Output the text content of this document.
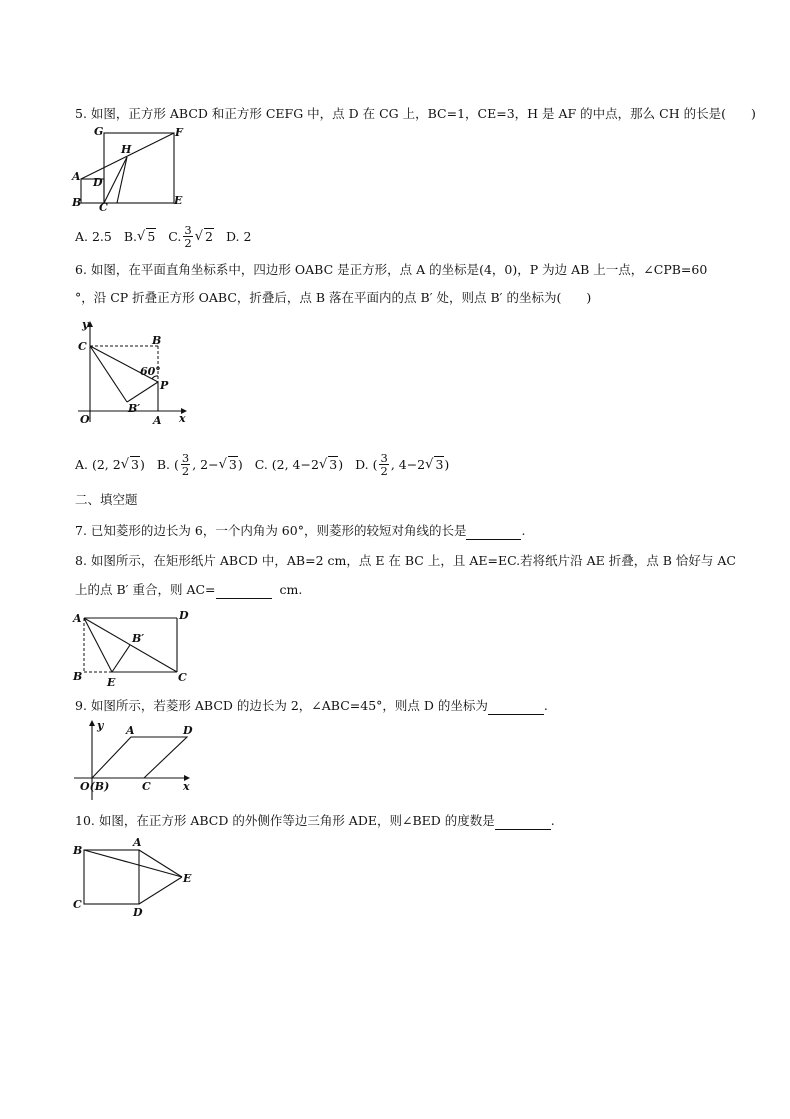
5. 如图，正方形 ABCD 和正方形 CEFG 中，点 D 在 CG 上，BC=1，CE=3，H 是 AF 的中点，那么 CH 的长是(　　)
G	F
H
A D
B C
E
A. 2.5 B. √ 5 C. $\frac{3}{2}$ √ 2 D. 2
6. 如图，在平面直角坐标系中，四边形 OABC 是正方形，点 A 的坐标是(4，0)，P 为边 AB 上一点，∠CPB=60
°，沿 CP 折叠正方形 OABC，折叠后，点 B 落在平面内的点 B′ 处，则点 B′ 的坐标为(　　)
y
C	B
60°
P
B′
O	A x
A. (2, 2 √ 3 ) B. ( $\frac{3}{2}$ , 2− √ 3 ) C. (2, 4−2 √ 3 ) D. ( $\frac{3}{2}$ , 4−2 √ 3 )
二、填空题
7. 已知菱形的边长为 6，一个内角为 60°，则菱形的较短对角线的长是	.
8. 如图所示，在矩形纸片 ABCD 中，AB=2 cm，点 E 在 BC 上，且 AE=EC.若将纸片沿 AE 折叠，点 B 恰好与 AC
上的点 B′ 重合，则 AC=	cm.
A	D
B′
B E	C
9. 如图所示，若菱形 ABCD 的边长为 2，∠ABC=45°，则点 D 的坐标为	.
y A	D
O(B)	C	x
10. 如图，在正方形 ABCD 的外侧作等边三角形 ADE，则∠BED 的度数是	.
B
A
E
C
D
